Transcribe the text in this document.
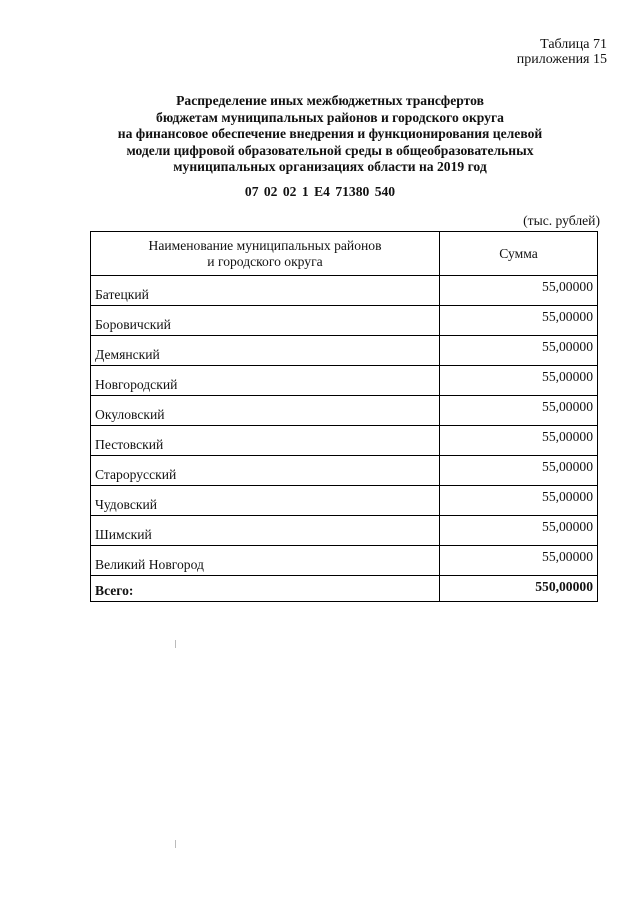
Таблица 71
приложения 15
Распределение иных межбюджетных трансфертов
бюджетам муниципальных районов и городского округа
на финансовое обеспечение внедрения и функционирования целевой
модели цифровой образовательной среды в общеобразовательных
муниципальных организациях области на 2019 год
07 02 02 1 E4 71380 540
(тыс. рублей)
Наименование муниципальных районов
и городского округа	Сумма
Батецкий	55,00000
Боровичский	55,00000
Демянский	55,00000
Новгородский	55,00000
Окуловский	55,00000
Пестовский	55,00000
Старорусский	55,00000
Чудовский	55,00000
Шимский	55,00000
Великий Новгород	55,00000
Всего:	550,00000
